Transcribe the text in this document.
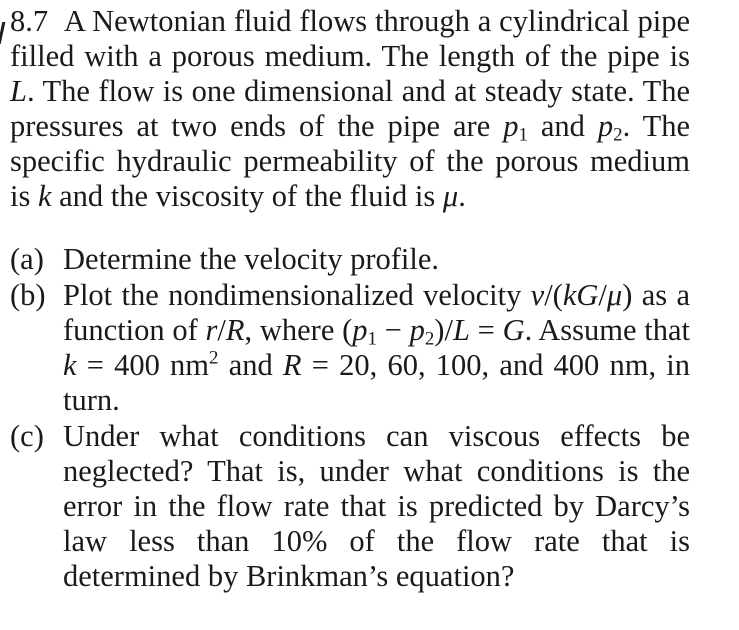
8.7 A Newtonian fluid flows through a cylindrical pipe filled with a porous medium. The length of the pipe is L. The flow is one dimensional and at steady state. The pressures at two ends of the pipe are $p_1$ and $p_2$. The specific hydraulic permeability of the porous medium is k and the viscosity of the fluid is μ.
(a) Determine the velocity profile.
(b) Plot the nondimensionalized velocity v/(kG/μ) as a function of r/R, where $(p_1 - p_2)/L = G$. Assume that k = 400 $nm^2$ and R = 20, 60, 100, and 400 nm, in turn.
(c) Under what conditions can viscous effects be neglected? That is, under what conditions is the error in the flow rate that is predicted by Darcy’s law less than 10% of the flow rate that is determined by Brinkman’s equation?
